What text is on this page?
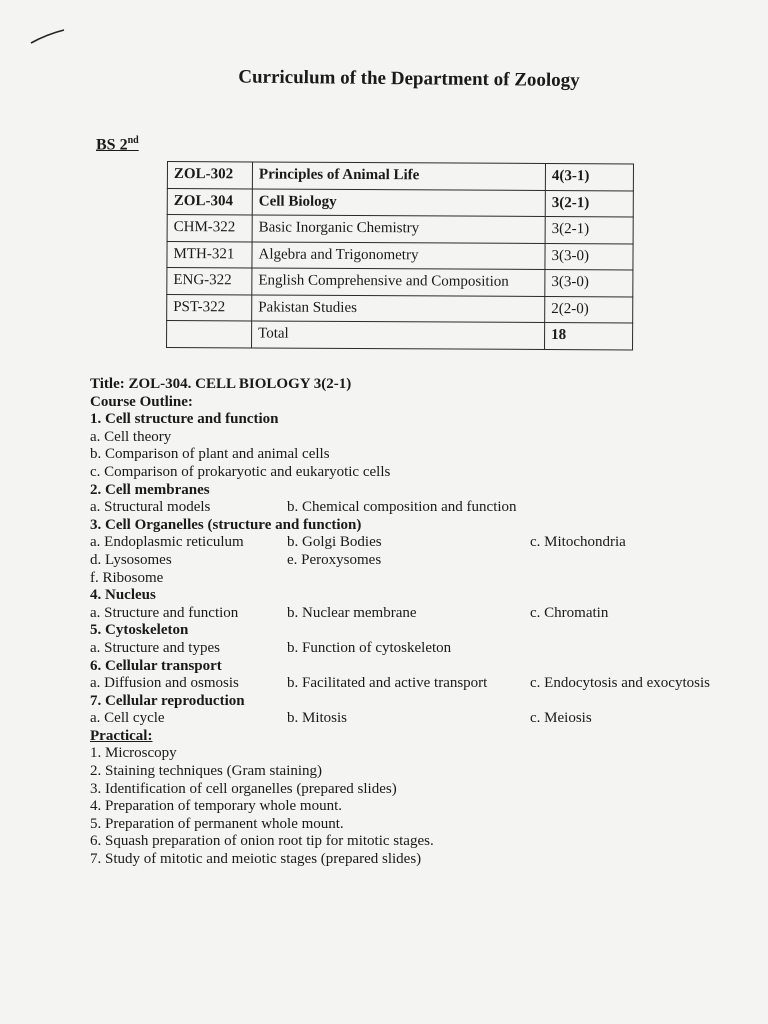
Curriculum of the Department of Zoology
BS 2nd
ZOL-302	Principles of Animal Life	4(3-1)
ZOL-304	Cell Biology	3(2-1)
CHM-322	Basic Inorganic Chemistry	3(2-1)
MTH-321	Algebra and Trigonometry	3(3-0)
ENG-322	English Comprehensive and Composition	3(3-0)
PST-322	Pakistan Studies	2(2-0)
	Total	18
Title: ZOL-304. CELL BIOLOGY 3(2-1)
Course Outline:
1. Cell structure and function
a. Cell theory
b. Comparison of plant and animal cells
c. Comparison of prokaryotic and eukaryotic cells
2. Cell membranes
a. Structural models	b. Chemical composition and function
3. Cell Organelles (structure and function)
a. Endoplasmic reticulum	b. Golgi Bodies	c. Mitochondria
d. Lysosomes	e. Peroxysomes
f. Ribosome
4. Nucleus
a. Structure and function	b. Nuclear membrane	c. Chromatin
5. Cytoskeleton
a. Structure and types	b. Function of cytoskeleton
6. Cellular transport
a. Diffusion and osmosis	b. Facilitated and active transport	c. Endocytosis and exocytosis
7. Cellular reproduction
a. Cell cycle	b. Mitosis	c. Meiosis
Practical:
1. Microscopy
2. Staining techniques (Gram staining)
3. Identification of cell organelles (prepared slides)
4. Preparation of temporary whole mount.
5. Preparation of permanent whole mount.
6. Squash preparation of onion root tip for mitotic stages.
7. Study of mitotic and meiotic stages (prepared slides)
